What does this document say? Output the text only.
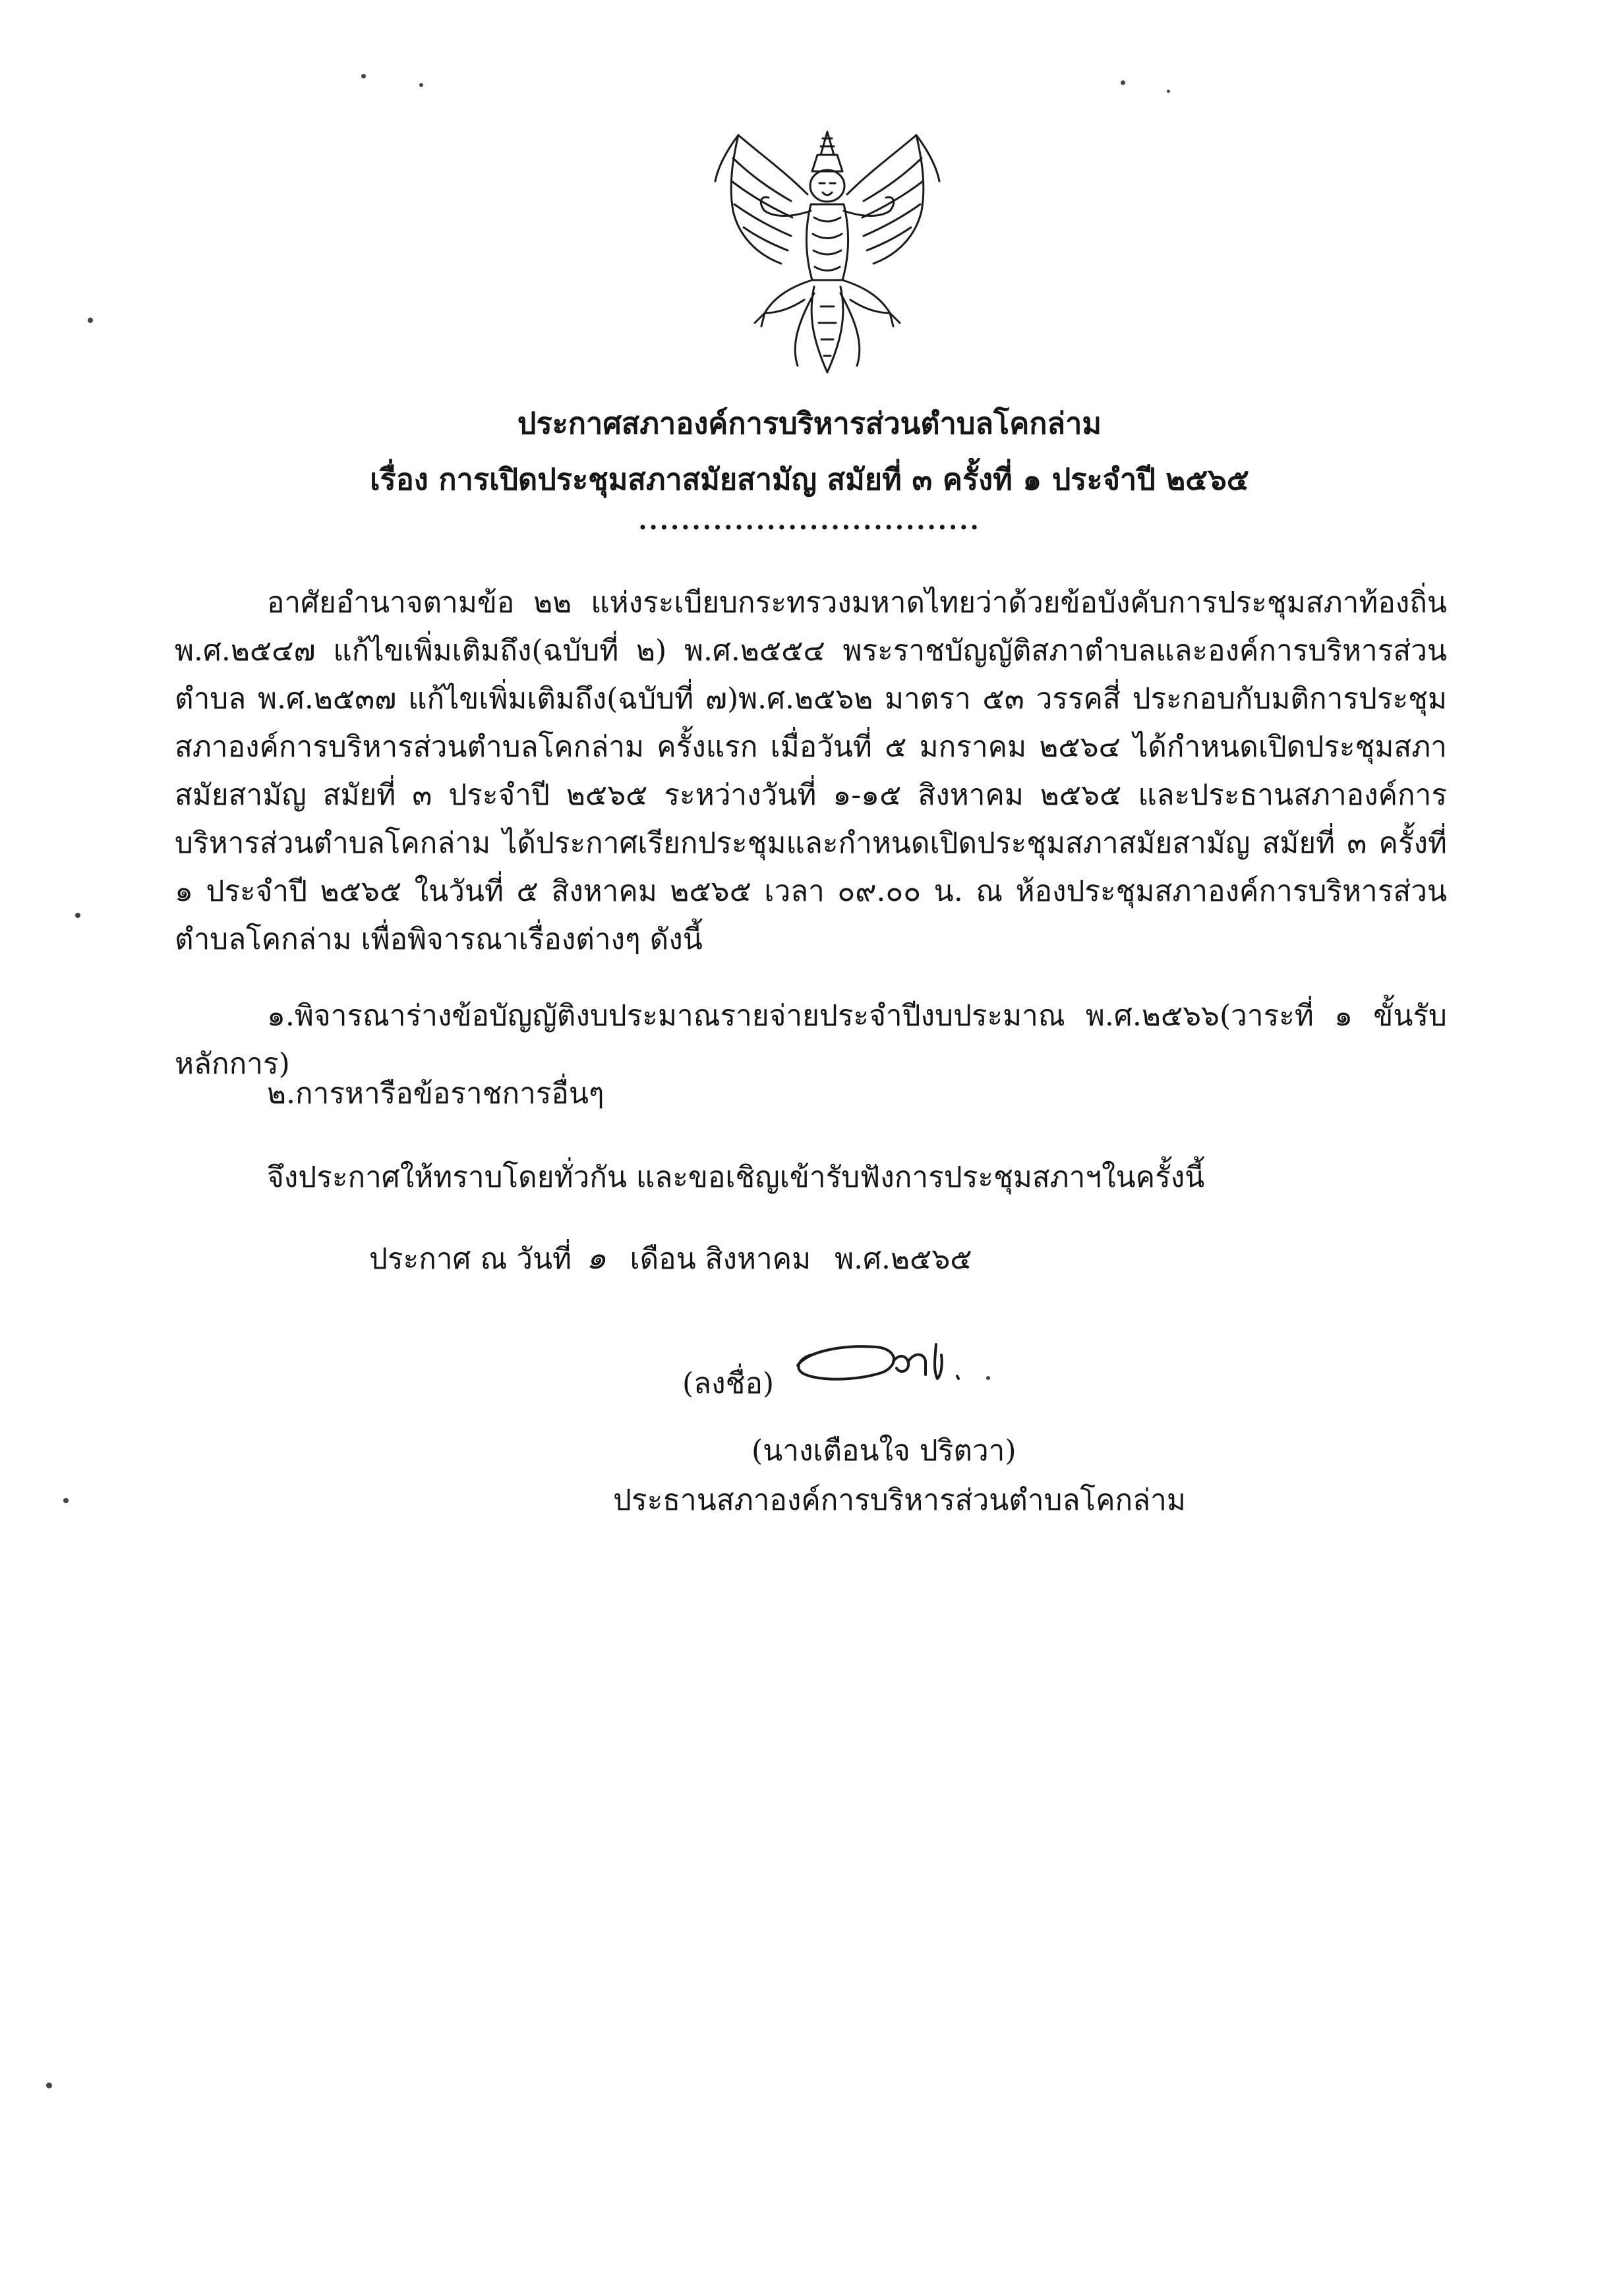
ประกาศสภาองค์การบริหารส่วนตำบลโคกล่าม
เรื่อง การเปิดประชุมสภาสมัยสามัญ สมัยที่ ๓ ครั้งที่ ๑ ประจำปี ๒๕๖๕
................................

อาศัยอำนาจตามข้อ ๒๒ แห่งระเบียบกระทรวงมหาดไทยว่าด้วยข้อบังคับการประชุมสภาท้องถิ่น พ.ศ.๒๕๔๗ แก้ไขเพิ่มเติมถึง(ฉบับที่ ๒) พ.ศ.๒๕๕๔ พระราชบัญญัติสภาตำบลและองค์การบริหารส่วนตำบล พ.ศ.๒๕๓๗ แก้ไขเพิ่มเติมถึง(ฉบับที่ ๗)พ.ศ.๒๕๖๒ มาตรา ๕๓ วรรคสี่ ประกอบกับมติการประชุมสภาองค์การบริหารส่วนตำบลโคกล่าม ครั้งแรก เมื่อวันที่ ๕ มกราคม ๒๕๖๔ ได้กำหนดเปิดประชุมสภา สมัยสามัญ สมัยที่ ๓ ประจำปี ๒๕๖๕ ระหว่างวันที่ ๑-๑๕ สิงหาคม ๒๕๖๕ และประธานสภาองค์การบริหารส่วนตำบลโคกล่าม ได้ประกาศเรียกประชุมและกำหนดเปิดประชุมสภาสมัยสามัญ สมัยที่ ๓ ครั้งที่ ๑ ประจำปี ๒๕๖๕ ในวันที่ ๕ สิงหาคม ๒๕๖๕ เวลา ๐๙.๐๐ น. ณ ห้องประชุมสภาองค์การบริหารส่วนตำบลโคกล่าม เพื่อพิจารณาเรื่องต่างๆ ดังนี้

๑.พิจารณาร่างข้อบัญญัติงบประมาณรายจ่ายประจำปีงบประมาณ พ.ศ.๒๕๖๖(วาระที่ ๑ ขั้นรับหลักการ)

๒.การหารือข้อราชการอื่นๆ

จึงประกาศให้ทราบโดยทั่วกัน และขอเชิญเข้ารับฟังการประชุมสภาฯในครั้งนี้

ประกาศ ณ วันที่ ๑ เดือน สิงหาคม พ.ศ.๒๕๖๕
(ลงชื่อ)
(นางเตือนใจ ปริตวา)
ประธานสภาองค์การบริหารส่วนตำบลโคกล่าม
